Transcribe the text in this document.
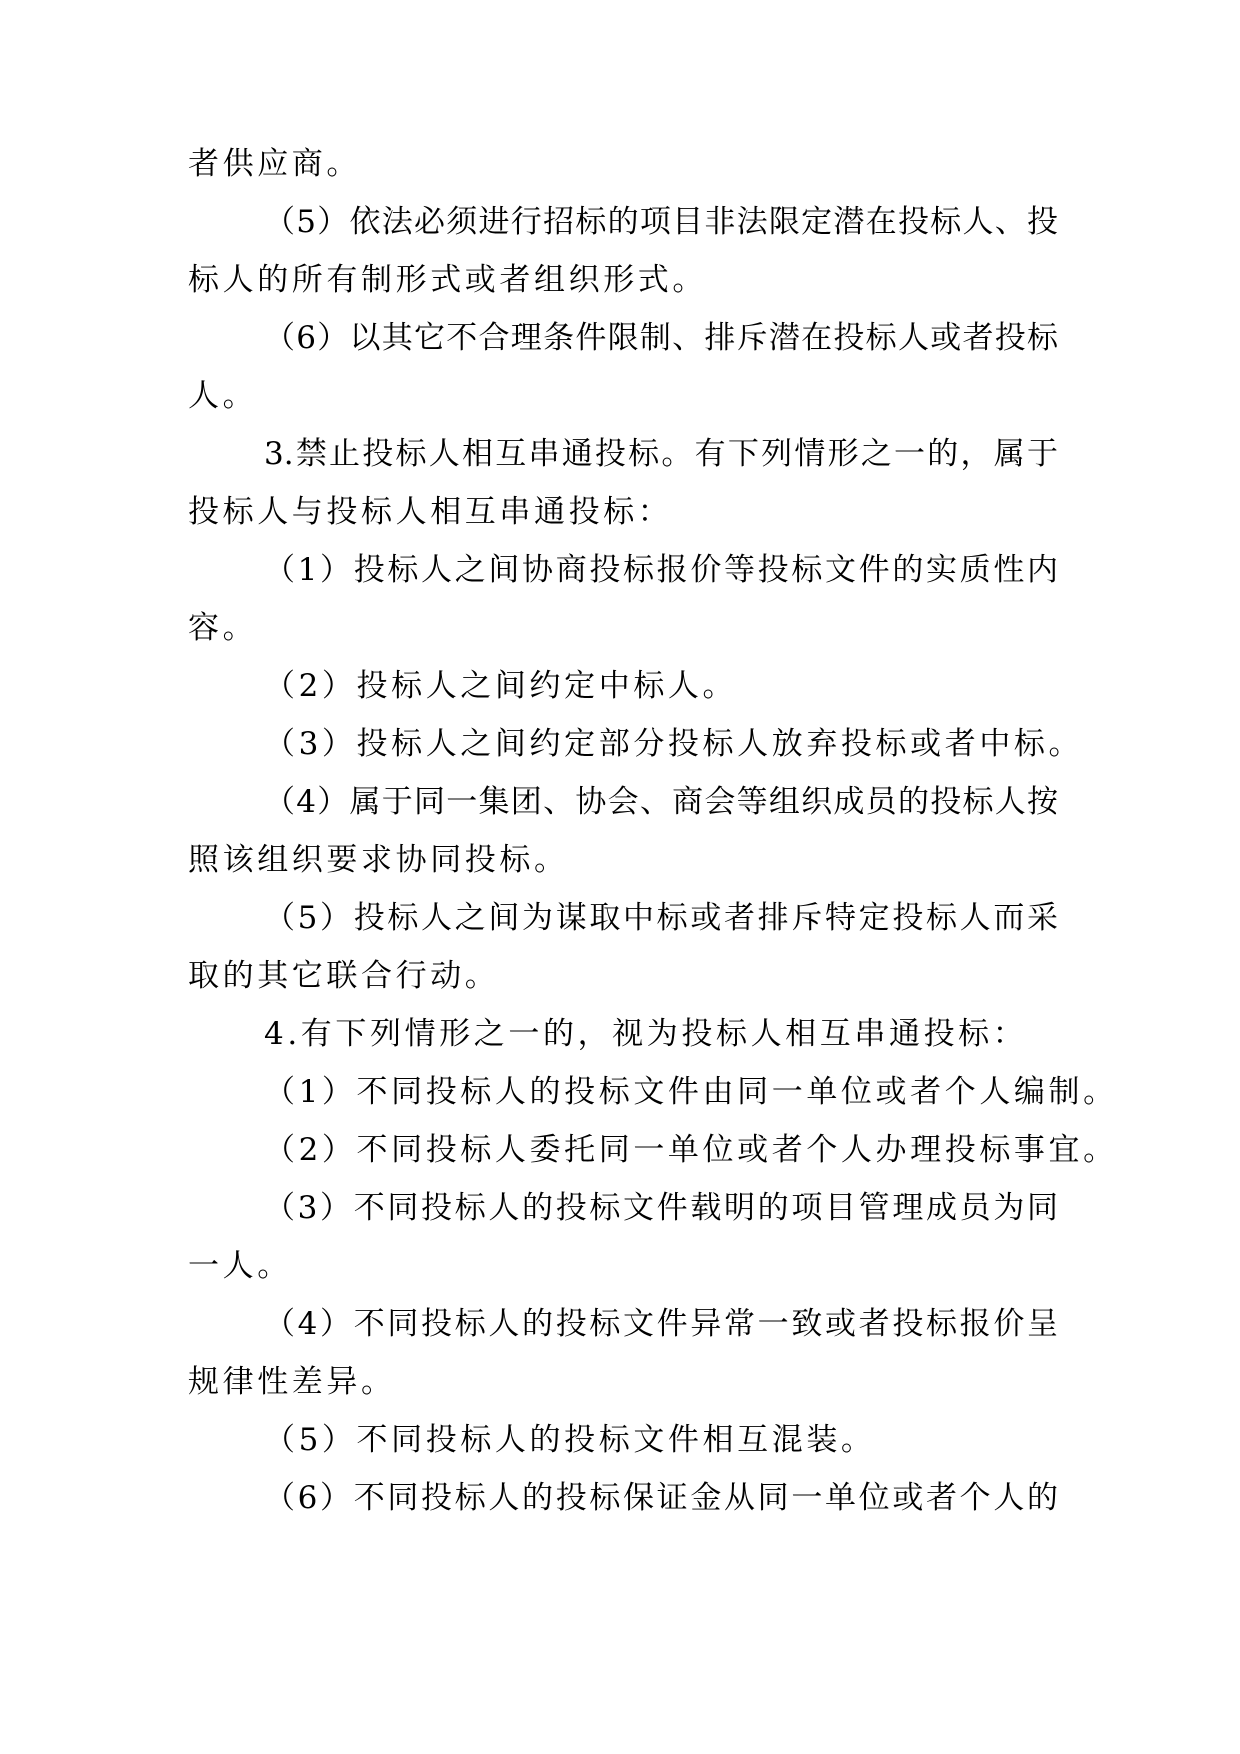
者供应商。
（5）依法必须进行招标的项目非法限定潜在投标人、投
标人的所有制形式或者组织形式。
（6）以其它不合理条件限制、排斥潜在投标人或者投标
人。
3.禁止投标人相互串通投标。有下列情形之一的，属于
投标人与投标人相互串通投标：
（1）投标人之间协商投标报价等投标文件的实质性内
容。
（2）投标人之间约定中标人。
（3）投标人之间约定部分投标人放弃投标或者中标。
（4）属于同一集团、协会、商会等组织成员的投标人按
照该组织要求协同投标。
（5）投标人之间为谋取中标或者排斥特定投标人而采
取的其它联合行动。
4.有下列情形之一的，视为投标人相互串通投标：
（1）不同投标人的投标文件由同一单位或者个人编制。
（2）不同投标人委托同一单位或者个人办理投标事宜。
（3）不同投标人的投标文件载明的项目管理成员为同
一人。
（4）不同投标人的投标文件异常一致或者投标报价呈
规律性差异。
（5）不同投标人的投标文件相互混装。
（6）不同投标人的投标保证金从同一单位或者个人的
